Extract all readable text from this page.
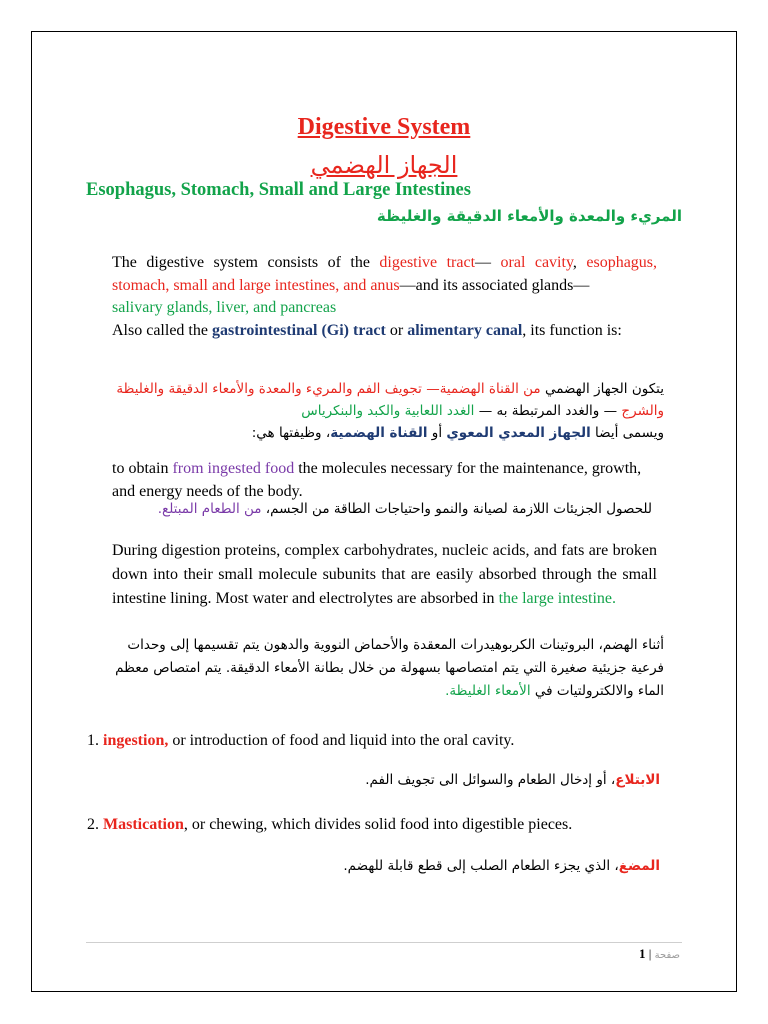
Digestive System
الجهاز الهضمي
Esophagus, Stomach, Small and Large Intestines
المريء والمعدة والأمعاء الدقيقة والغليظة
The digestive system consists of the digestive tract— oral cavity, esophagus, stomach, small and large intestines, and anus—and its associated glands—
salivary glands, liver, and pancreas
Also called the gastrointestinal (Gi) tract or alimentary canal, its function is:
يتكون الجهاز الهضمي من القناة الهضمية— تجويف الفم والمريء والمعدة والأمعاء الدقيقة والغليظة والشرج — والغدد المرتبطة به — الغدد اللعابية والكبد والبنكرياس
ويسمى أيضا الجهاز المعدي المعوي أو القناة الهضمية، وظيفتها هي:
to obtain from ingested food the molecules necessary for the maintenance, growth, and energy needs of the body.
للحصول الجزيئات اللازمة لصيانة والنمو واحتياجات الطاقة من الجسم، من الطعام المبتلع.
During digestion proteins, complex carbohydrates, nucleic acids, and fats are broken down into their small molecule subunits that are easily absorbed through the small intestine lining. Most water and electrolytes are absorbed in the large intestine.
أثناء الهضم، البروتينات الكربوهيدرات المعقدة والأحماض النووية والدهون يتم تقسيمها إلى وحدات فرعية جزيئية صغيرة التي يتم امتصاصها بسهولة من خلال بطانة الأمعاء الدقيقة. يتم امتصاص معظم الماء والالكترولتيات في الأمعاء الغليظة.
1. ingestion, or introduction of food and liquid into the oral cavity.
الابتلاع، أو إدخال الطعام والسوائل الى تجويف الفم.
2. Mastication, or chewing, which divides solid food into digestible pieces.
المضغ، الذي يجزء الطعام الصلب إلى قطع قابلة للهضم.
صفحة | 1
